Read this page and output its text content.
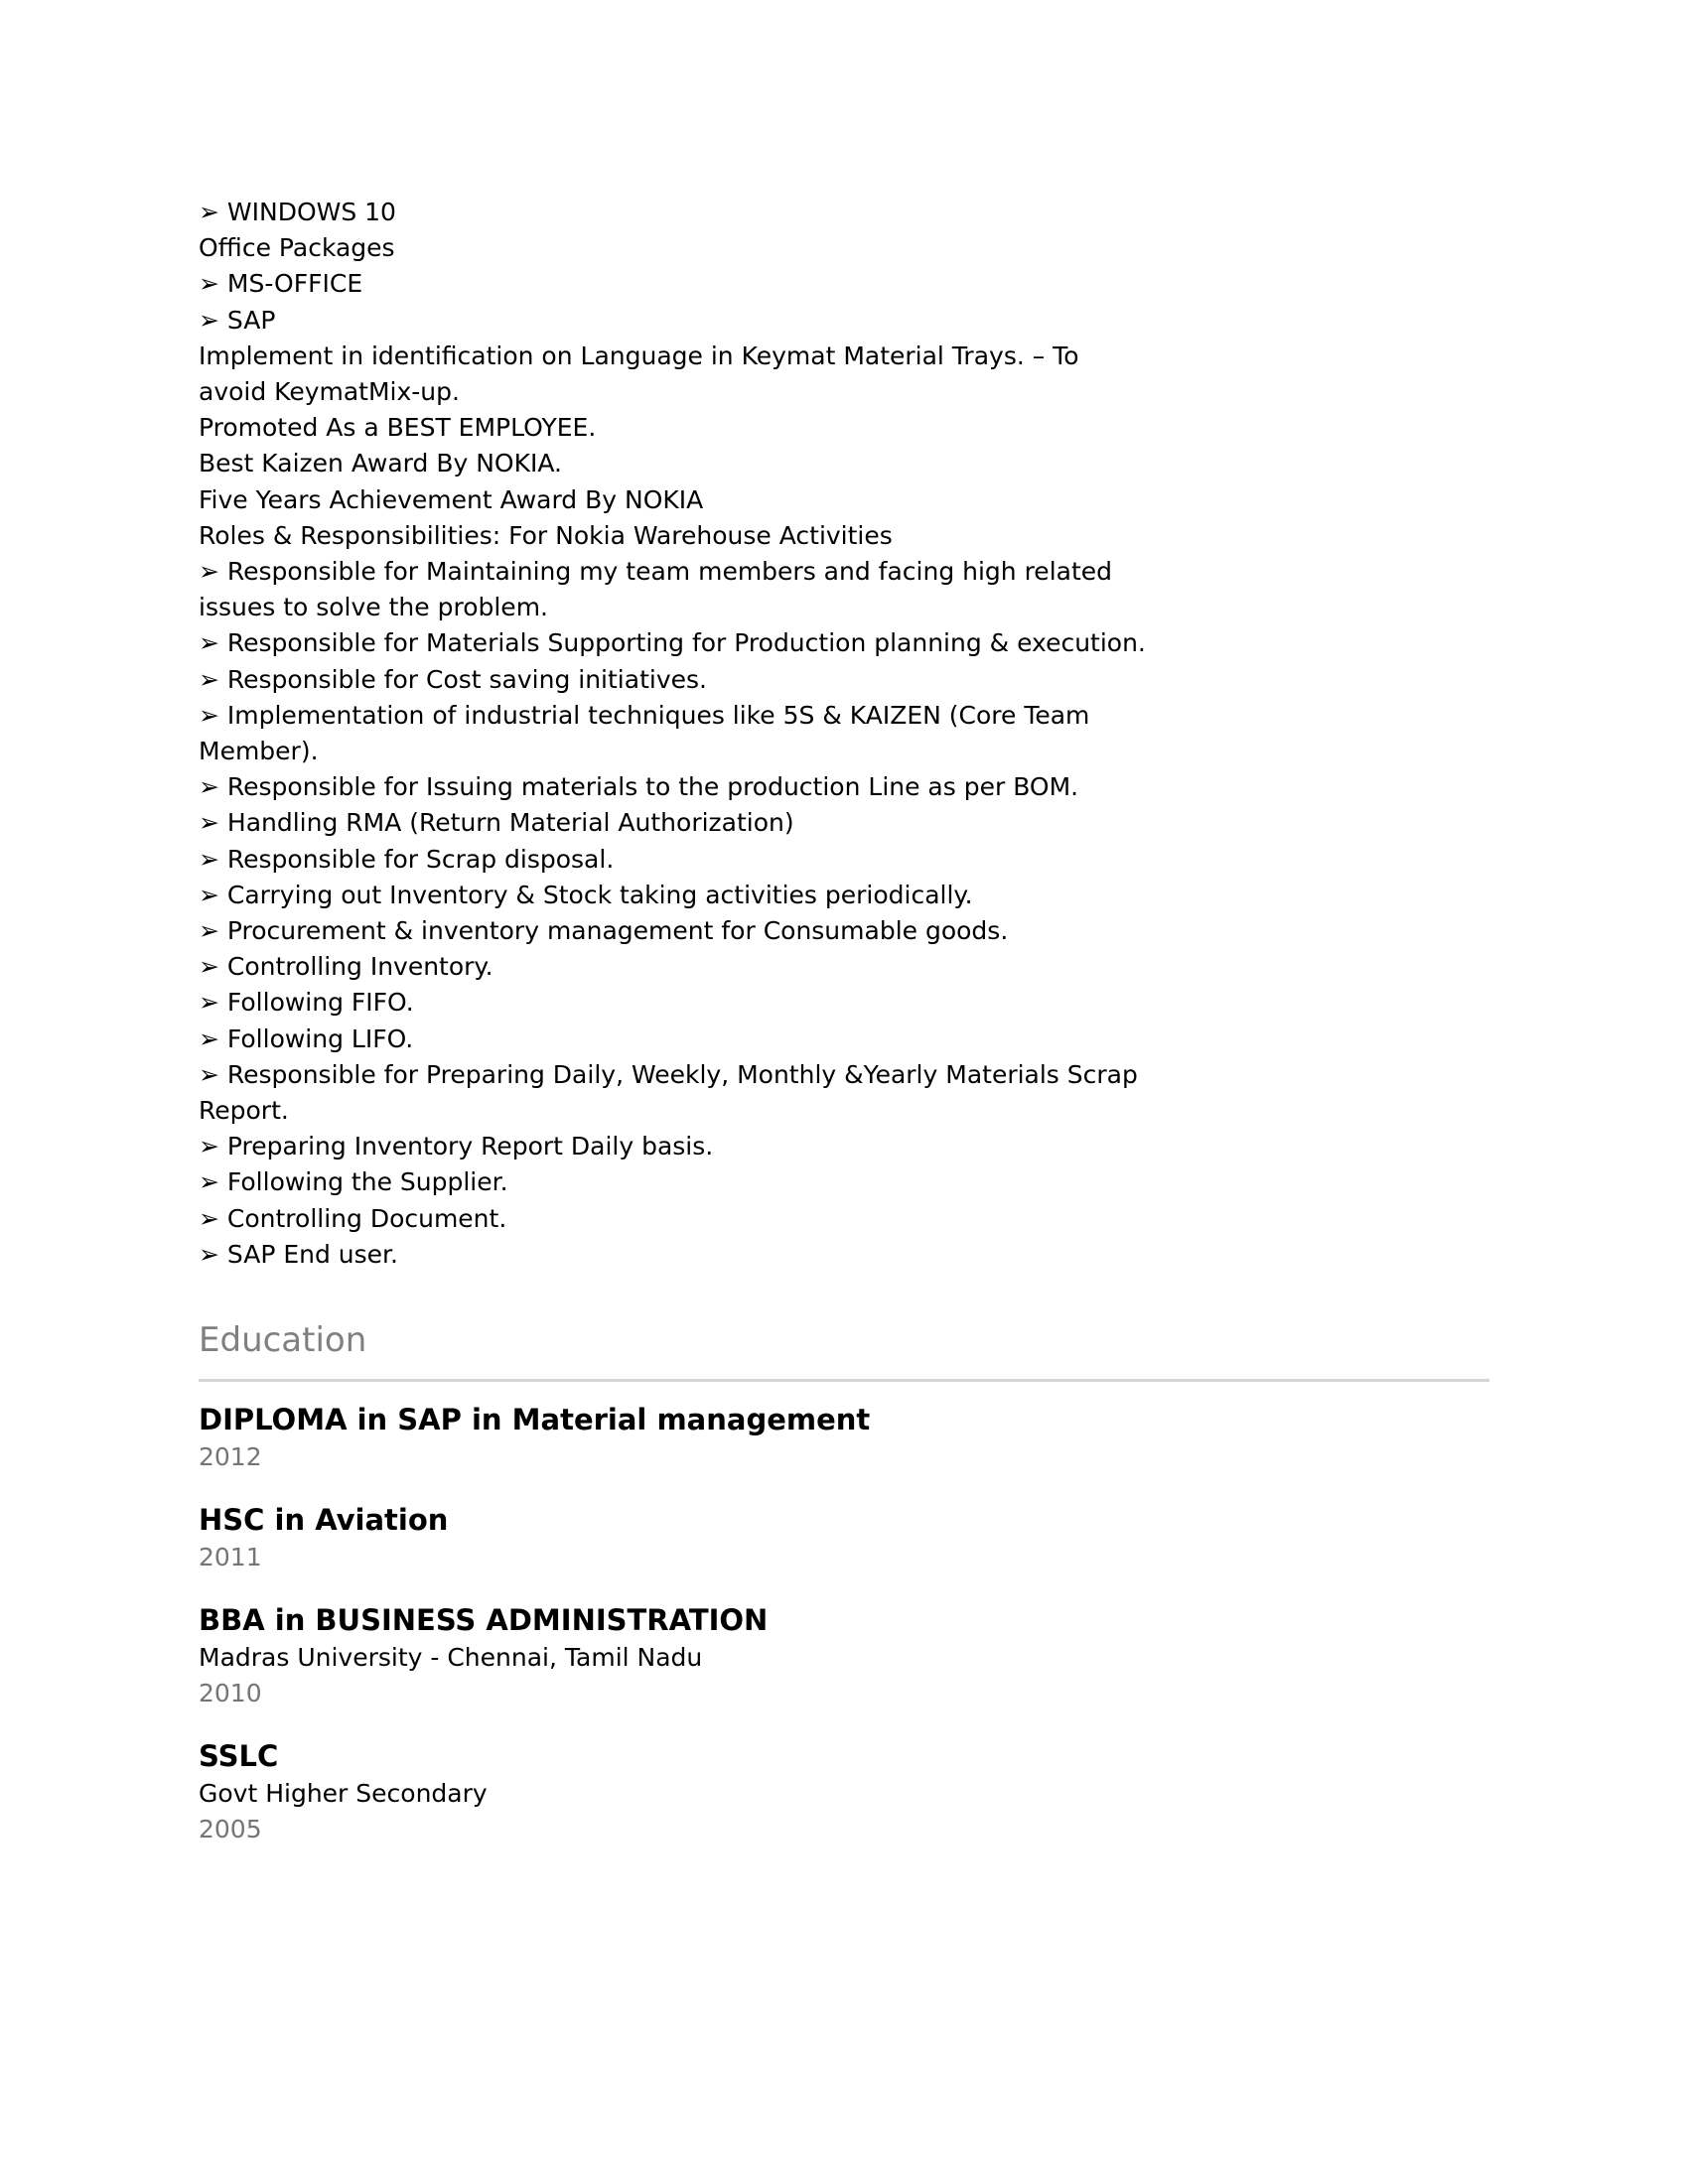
➢ WINDOWS 10
Office Packages
➢ MS-OFFICE
➢ SAP
Implement in identification on Language in Keymat Material Trays. – To
avoid KeymatMix-up.
Promoted As a BEST EMPLOYEE.
Best Kaizen Award By NOKIA.
Five Years Achievement Award By NOKIA
Roles & Responsibilities: For Nokia Warehouse Activities
➢ Responsible for Maintaining my team members and facing high related
issues to solve the problem.
➢ Responsible for Materials Supporting for Production planning & execution.
➢ Responsible for Cost saving initiatives.
➢ Implementation of industrial techniques like 5S & KAIZEN (Core Team
Member).
➢ Responsible for Issuing materials to the production Line as per BOM.
➢ Handling RMA (Return Material Authorization)
➢ Responsible for Scrap disposal.
➢ Carrying out Inventory & Stock taking activities periodically.
➢ Procurement & inventory management for Consumable goods.
➢ Controlling Inventory.
➢ Following FIFO.
➢ Following LIFO.
➢ Responsible for Preparing Daily, Weekly, Monthly &Yearly Materials Scrap
Report.
➢ Preparing Inventory Report Daily basis.
➢ Following the Supplier.
➢ Controlling Document.
➢ SAP End user.
Education
DIPLOMA in SAP in Material management
2012
HSC in Aviation
2011
BBA in BUSINESS ADMINISTRATION
Madras University - Chennai, Tamil Nadu
2010
SSLC
Govt Higher Secondary
2005
